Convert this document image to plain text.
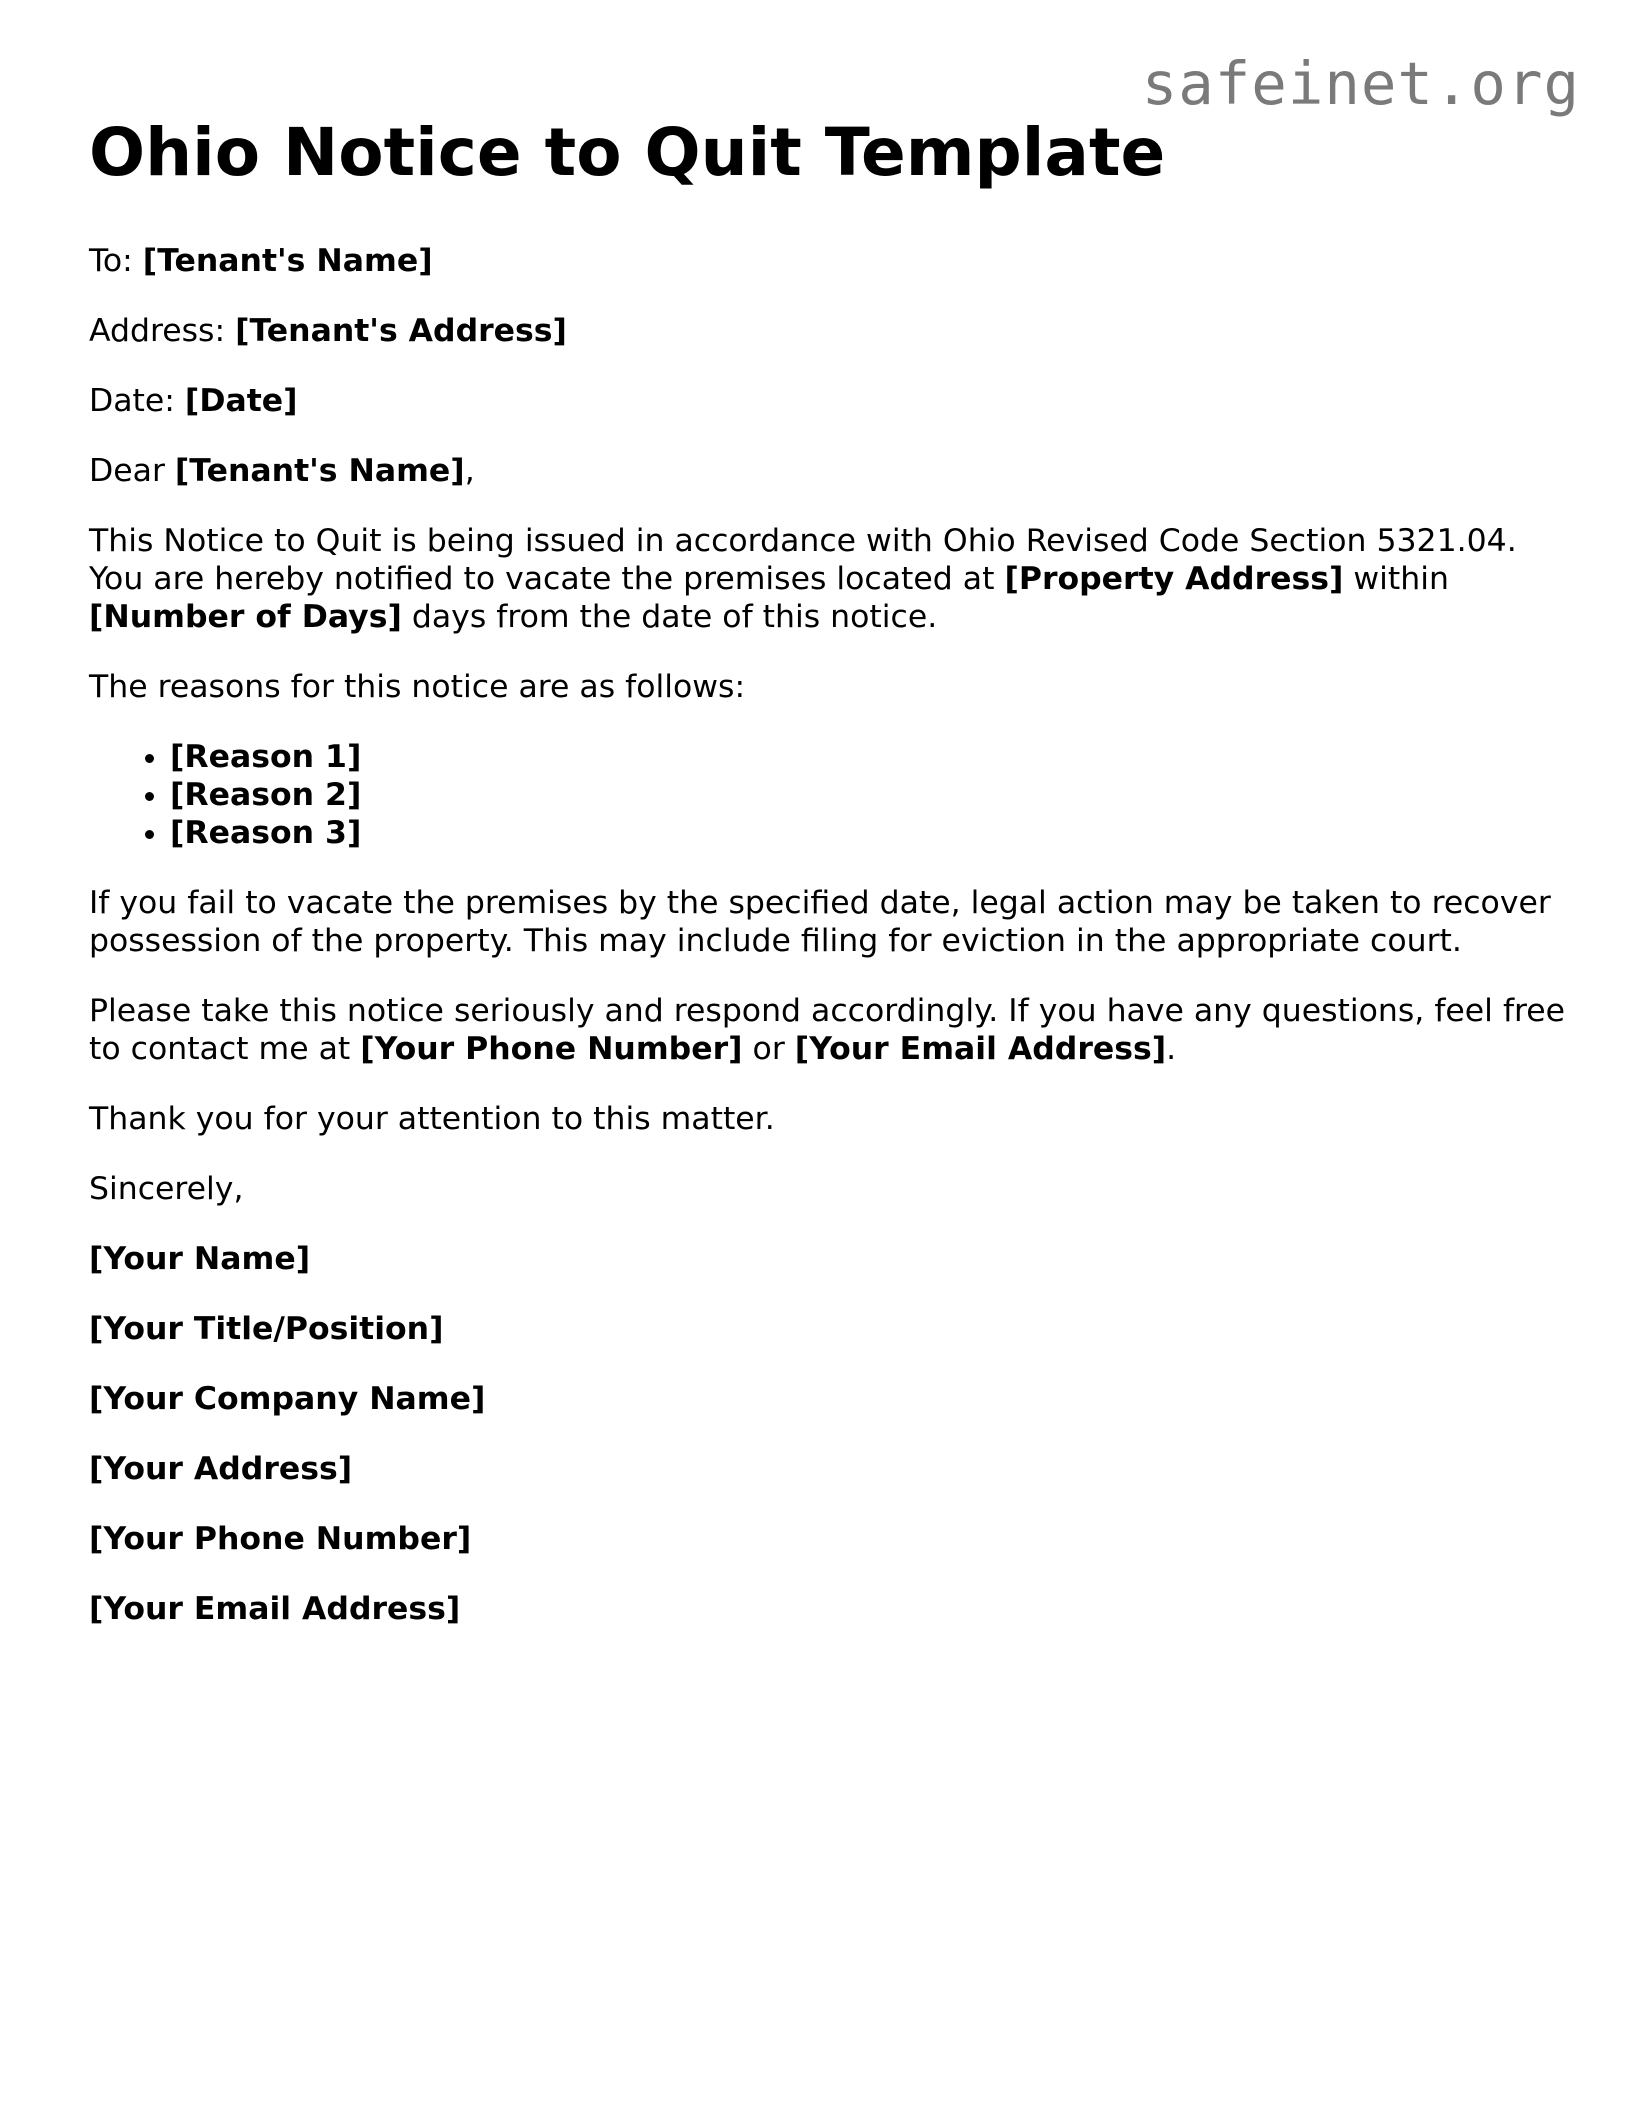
safeinet.org
Ohio Notice to Quit Template

To: [Tenant's Name]

Address: [Tenant's Address]

Date: [Date]

Dear [Tenant's Name],

This Notice to Quit is being issued in accordance with Ohio Revised Code Section 5321.04. You are hereby notified to vacate the premises located at [Property Address] within
[Number of Days] days from the date of this notice.

The reasons for this notice are as follows:

• [Reason 1]
• [Reason 2]
• [Reason 3]

If you fail to vacate the premises by the specified date, legal action may be taken to recover possession of the property. This may include filing for eviction in the appropriate court.

Please take this notice seriously and respond accordingly. If you have any questions, feel free to contact me at [Your Phone Number] or [Your Email Address].

Thank you for your attention to this matter.

Sincerely,

[Your Name]

[Your Title/Position]

[Your Company Name]

[Your Address]

[Your Phone Number]

[Your Email Address]
